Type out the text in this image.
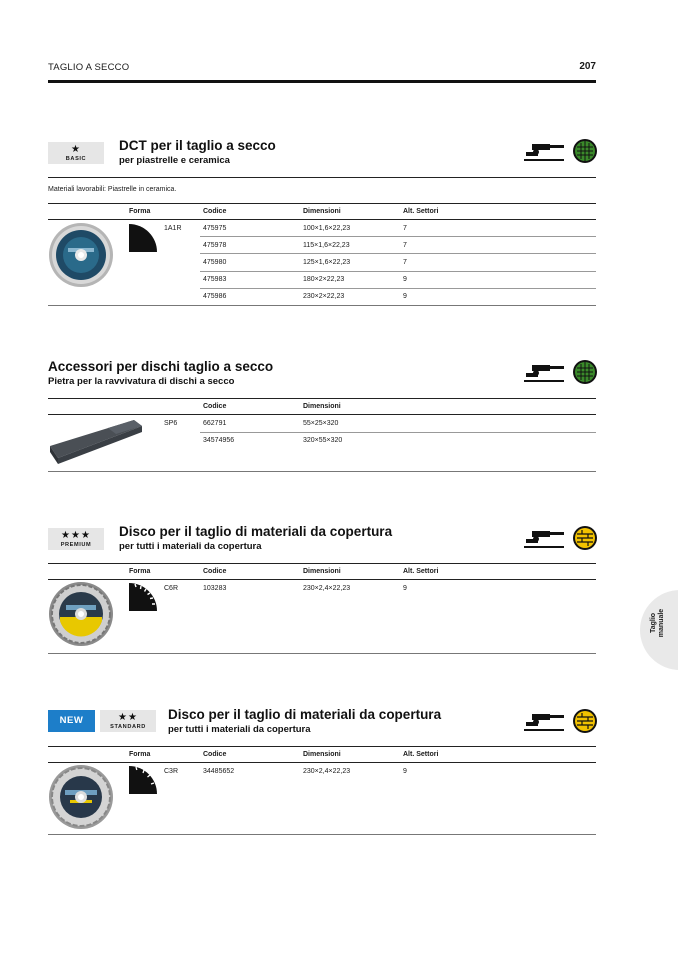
TAGLIO A SECCO	207
★
BASIC
DCT per il taglio a secco
per piastrelle e ceramica
Materiali lavorabili: Piastrelle in ceramica.
Forma	Codice	Dimensioni	Alt. Settori
1A1R	475975	100×1,6×22,23	7
475978	115×1,6×22,23	7
475980	125×1,6×22,23	7
475983	180×2×22,23	9
475986	230×2×22,23	9
Accessori per dischi taglio a secco
Pietra per la ravvivatura di dischi a secco
Codice	Dimensioni
SP6	662791	55×25×320
34574956	320×55×320
★★★
PREMIUM
Disco per il taglio di materiali da copertura
per tutti i materiali da copertura
Forma	Codice	Dimensioni	Alt. Settori
C6R	103283	230×2,4×22,23	9
Taglio manuale
NEW	★★
STANDARD
Disco per il taglio di materiali da copertura
per tutti i materiali da copertura
Forma	Codice	Dimensioni	Alt. Settori
C3R	34485652	230×2,4×22,23	9
